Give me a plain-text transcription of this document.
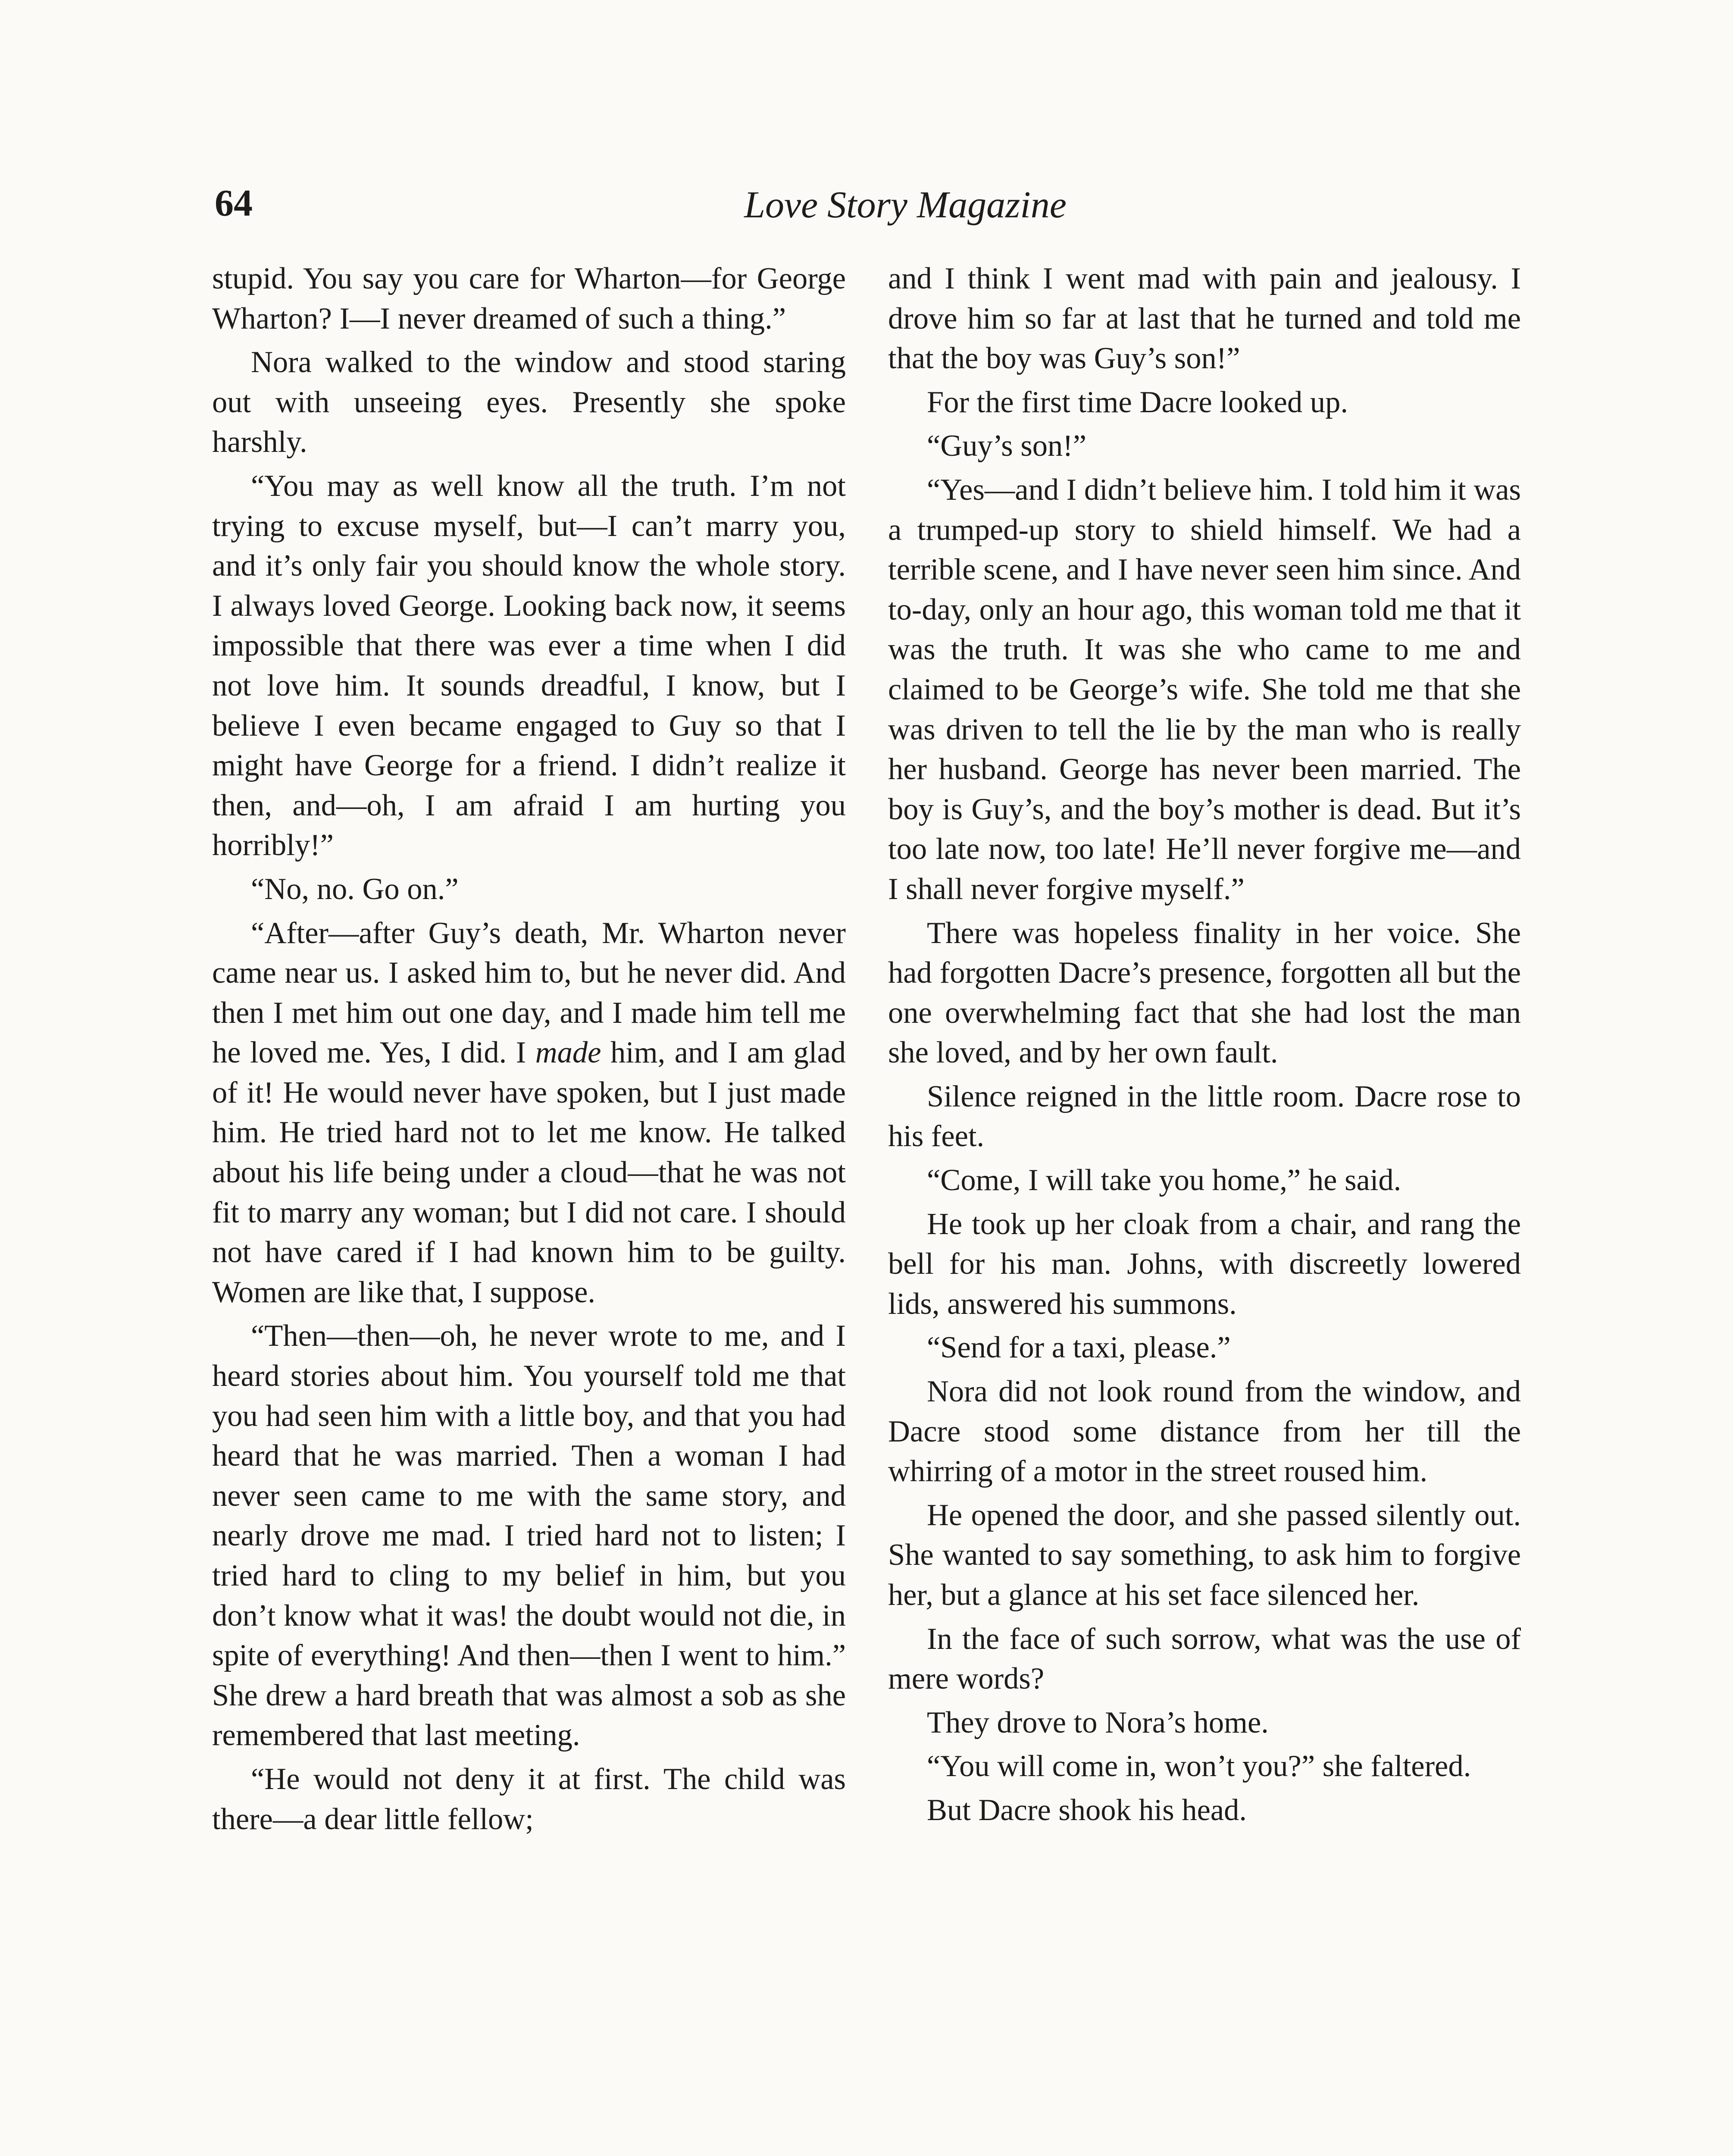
64	Love Story Magazine

stupid. You say you care for Wharton—for George Wharton? I—I never dreamed of such a thing.”

Nora walked to the window and stood staring out with unseeing eyes. Presently she spoke harshly.

“You may as well know all the truth. I’m not trying to excuse myself, but—I can’t marry you, and it’s only fair you should know the whole story. I always loved George. Looking back now, it seems impossible that there was ever a time when I did not love him. It sounds dreadful, I know, but I believe I even became engaged to Guy so that I might have George for a friend. I didn’t realize it then, and—oh, I am afraid I am hurting you horribly!”

“No, no. Go on.”

“After—after Guy’s death, Mr. Wharton never came near us. I asked him to, but he never did. And then I met him out one day, and I made him tell me he loved me. Yes, I did. I made him, and I am glad of it! He would never have spoken, but I just made him. He tried hard not to let me know. He talked about his life being under a cloud—that he was not fit to marry any woman; but I did not care. I should not have cared if I had known him to be guilty. Women are like that, I suppose.

“Then—then—oh, he never wrote to me, and I heard stories about him. You yourself told me that you had seen him with a little boy, and that you had heard that he was married. Then a woman I had never seen came to me with the same story, and nearly drove me mad. I tried hard not to listen; I tried hard to cling to my belief in him, but you don’t know what it was! the doubt would not die, in spite of everything! And then—then I went to him.” She drew a hard breath that was almost a sob as she remembered that last meeting.

“He would not deny it at first. The child was there—a dear little fellow;

and I think I went mad with pain and jealousy. I drove him so far at last that he turned and told me that the boy was Guy’s son!”

For the first time Dacre looked up.

“Guy’s son!”

“Yes—and I didn’t believe him. I told him it was a trumped-up story to shield himself. We had a terrible scene, and I have never seen him since. And to-day, only an hour ago, this woman told me that it was the truth. It was she who came to me and claimed to be George’s wife. She told me that she was driven to tell the lie by the man who is really her husband. George has never been married. The boy is Guy’s, and the boy’s mother is dead. But it’s too late now, too late! He’ll never forgive me—and I shall never forgive myself.”

There was hopeless finality in her voice. She had forgotten Dacre’s presence, forgotten all but the one overwhelming fact that she had lost the man she loved, and by her own fault.

Silence reigned in the little room. Dacre rose to his feet.

“Come, I will take you home,” he said.

He took up her cloak from a chair, and rang the bell for his man. Johns, with discreetly lowered lids, answered his summons.

“Send for a taxi, please.”

Nora did not look round from the window, and Dacre stood some distance from her till the whirring of a motor in the street roused him.

He opened the door, and she passed silently out. She wanted to say something, to ask him to forgive her, but a glance at his set face silenced her.

In the face of such sorrow, what was the use of mere words?

They drove to Nora’s home.

“You will come in, won’t you?” she faltered.

But Dacre shook his head.
